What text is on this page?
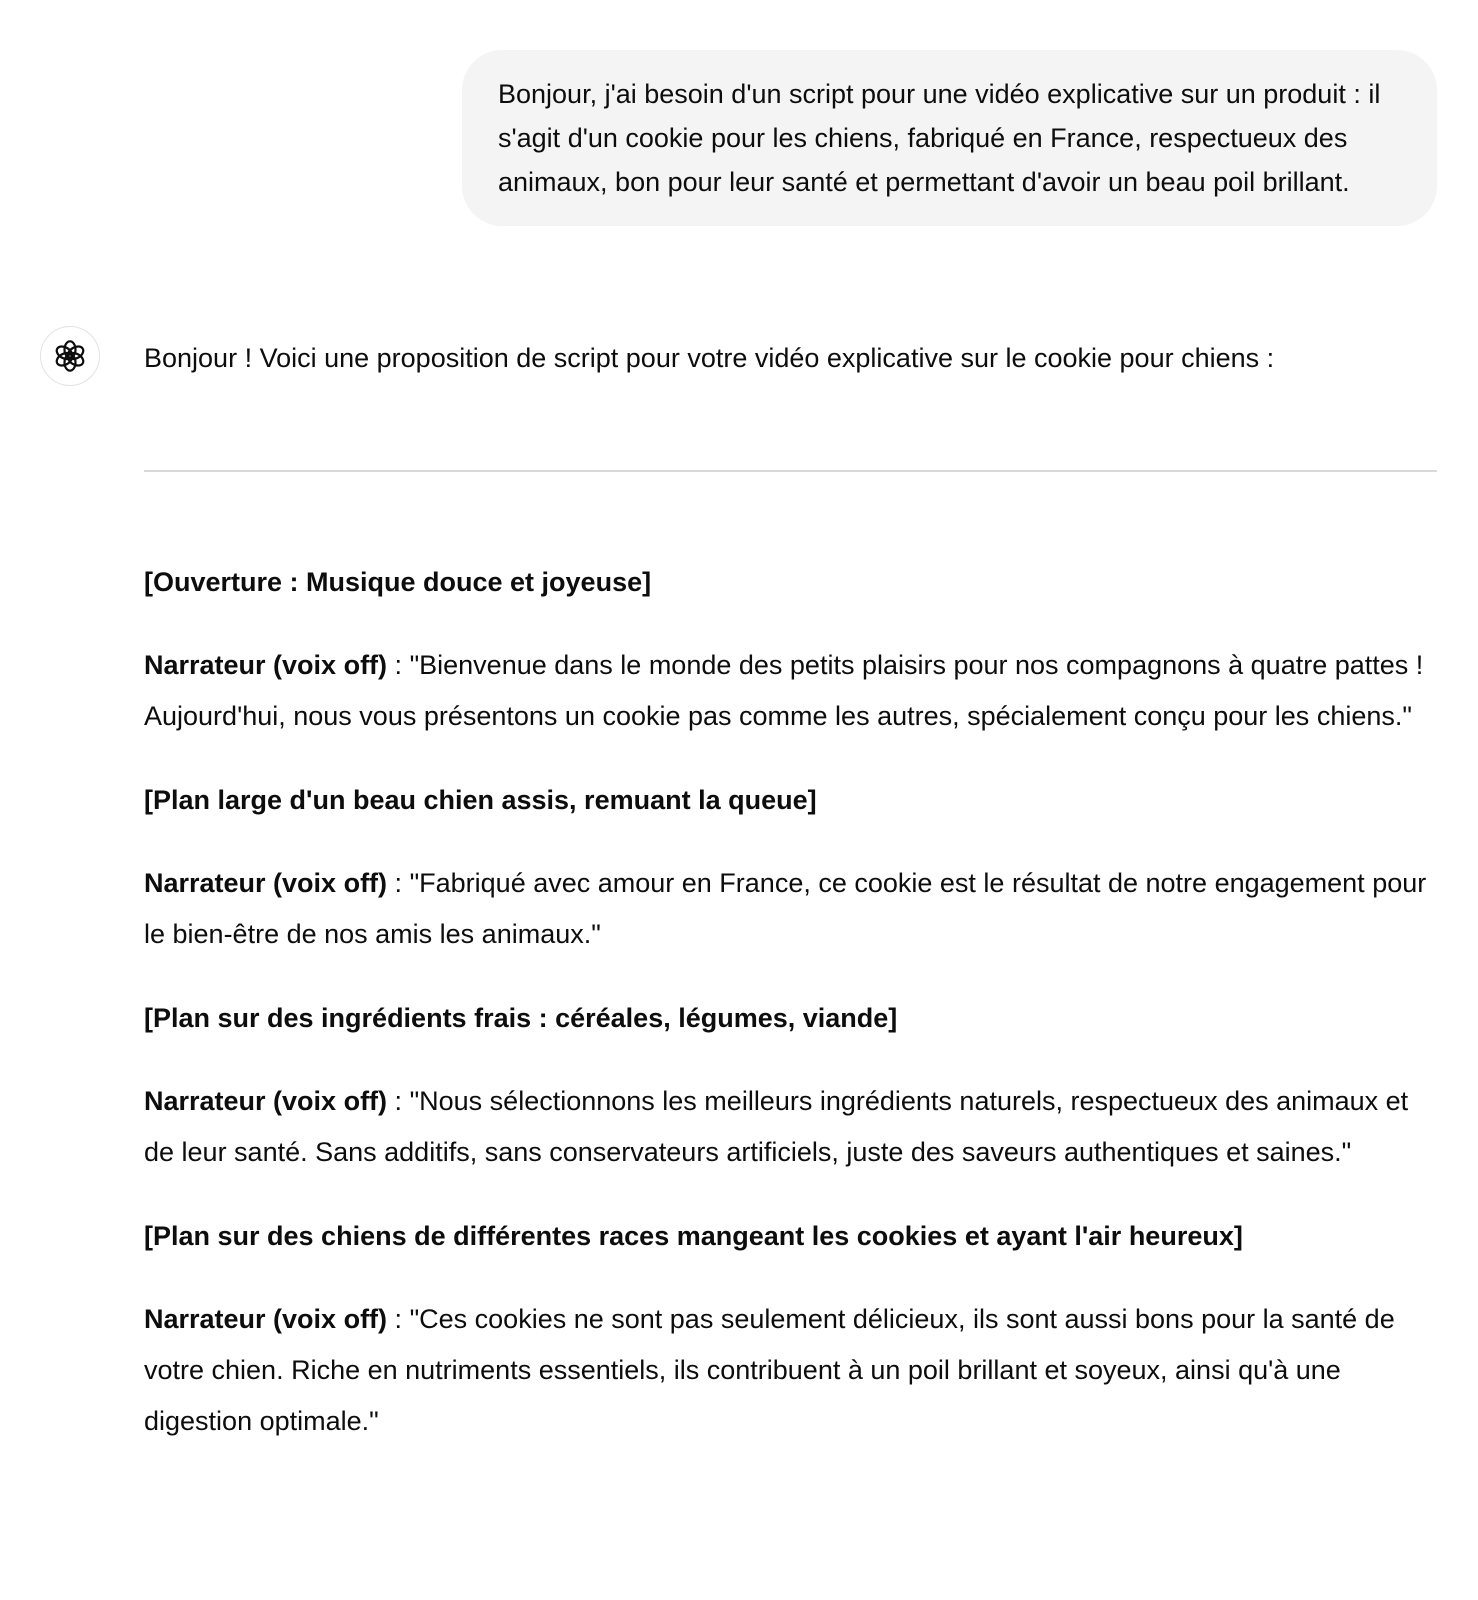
Bonjour, j'ai besoin d'un script pour une vidéo explicative sur un produit : il s'agit d'un cookie pour les chiens, fabriqué en France, respectueux des animaux, bon pour leur santé et permettant d'avoir un beau poil brillant.

Bonjour ! Voici une proposition de script pour votre vidéo explicative sur le cookie pour chiens :

[Ouverture : Musique douce et joyeuse]

Narrateur (voix off) : "Bienvenue dans le monde des petits plaisirs pour nos compagnons à quatre pattes ! Aujourd'hui, nous vous présentons un cookie pas comme les autres, spécialement conçu pour les chiens."

[Plan large d'un beau chien assis, remuant la queue]

Narrateur (voix off) : "Fabriqué avec amour en France, ce cookie est le résultat de notre engagement pour le bien-être de nos amis les animaux."

[Plan sur des ingrédients frais : céréales, légumes, viande]

Narrateur (voix off) : "Nous sélectionnons les meilleurs ingrédients naturels, respectueux des animaux et de leur santé. Sans additifs, sans conservateurs artificiels, juste des saveurs authentiques et saines."

[Plan sur des chiens de différentes races mangeant les cookies et ayant l'air heureux]

Narrateur (voix off) : "Ces cookies ne sont pas seulement délicieux, ils sont aussi bons pour la santé de votre chien. Riche en nutriments essentiels, ils contribuent à un poil brillant et soyeux, ainsi qu'à une digestion optimale."
